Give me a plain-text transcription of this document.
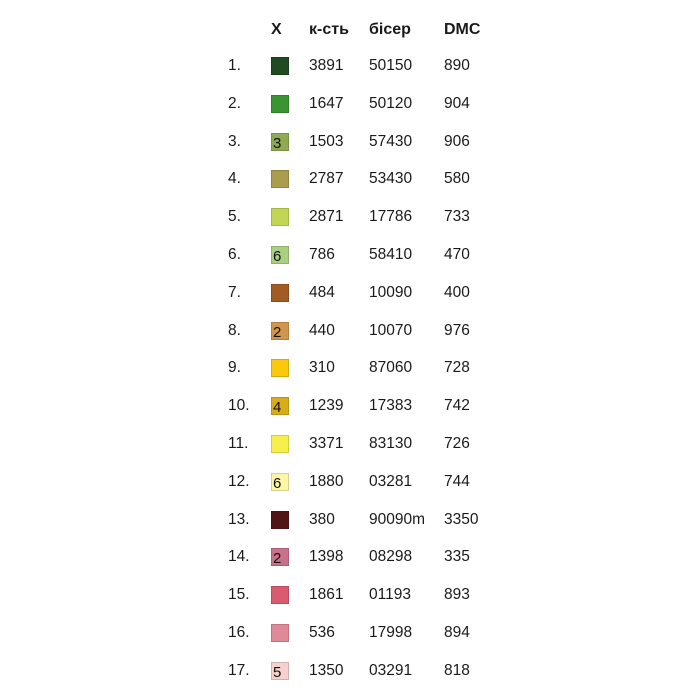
X к-сть бісер DMC
1.	3891 50150 890
2.	1647 50120 904
3. 3	1503 57430 906
4.	2787 53430 580
5.	2871 17786 733
6. 6	786 58410 470
7.	484 10090 400
8. 2	440 10070 976
9.	310 87060 728
10. 4	1239 17383 742
11.	3371 83130 726
12. 6	1880 03281 744
13.	380 90090m 3350
14. 2	1398 08298 335
15.	1861 01193 893
16.	536 17998 894
17. 5	1350 03291 818
